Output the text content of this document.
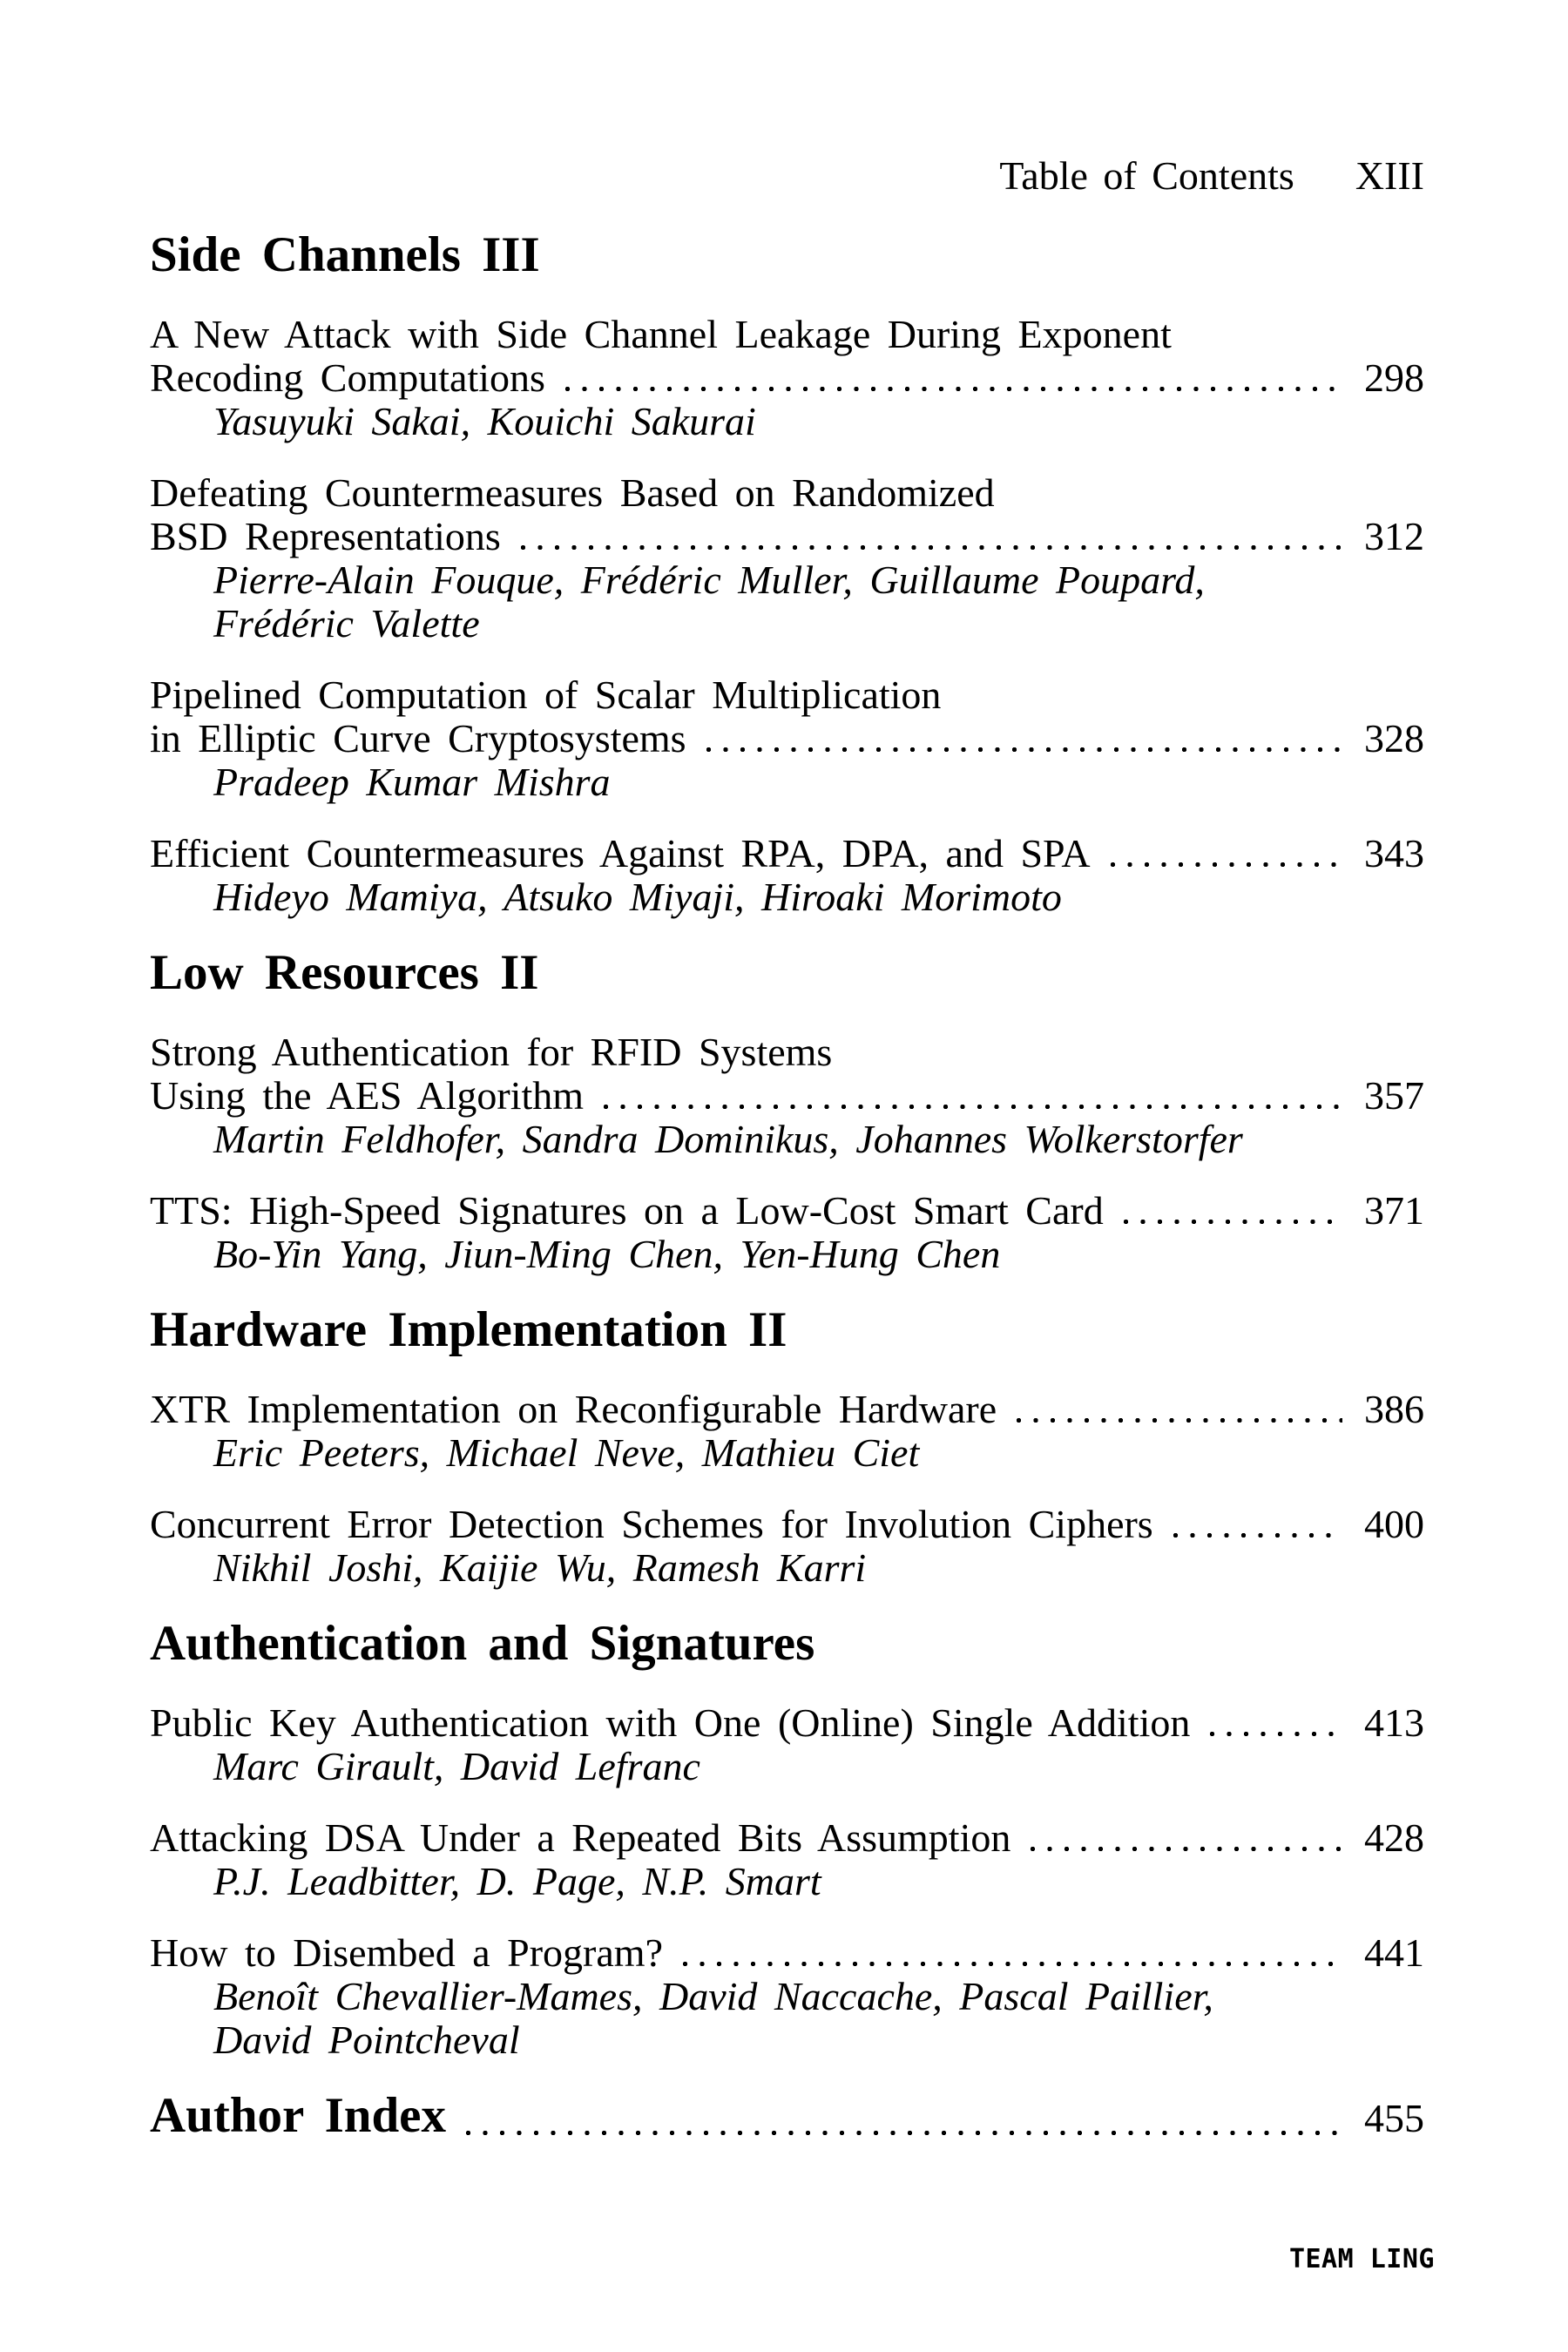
Table of Contents XIII
Side Channels III
A New Attack with Side Channel Leakage During Exponent
Recoding Computations	298
Yasuyuki Sakai, Kouichi Sakurai
Defeating Countermeasures Based on Randomized
BSD Representations	312
Pierre-Alain Fouque, Frédéric Muller, Guillaume Poupard,
Frédéric Valette
Pipelined Computation of Scalar Multiplication
in Elliptic Curve Cryptosystems	328
Pradeep Kumar Mishra
Efficient Countermeasures Against RPA, DPA, and SPA	343
Hideyo Mamiya, Atsuko Miyaji, Hiroaki Morimoto
Low Resources II
Strong Authentication for RFID Systems
Using the AES Algorithm	357
Martin Feldhofer, Sandra Dominikus, Johannes Wolkerstorfer
TTS: High-Speed Signatures on a Low-Cost Smart Card	371
Bo-Yin Yang, Jiun-Ming Chen, Yen-Hung Chen
Hardware Implementation II
XTR Implementation on Reconfigurable Hardware	386
Eric Peeters, Michael Neve, Mathieu Ciet
Concurrent Error Detection Schemes for Involution Ciphers	400
Nikhil Joshi, Kaijie Wu, Ramesh Karri
Authentication and Signatures
Public Key Authentication with One (Online) Single Addition	413
Marc Girault, David Lefranc
Attacking DSA Under a Repeated Bits Assumption	428
P.J. Leadbitter, D. Page, N.P. Smart
How to Disembed a Program?	441
Benoît Chevallier-Mames, David Naccache, Pascal Paillier,
David Pointcheval
Author Index	455
TEAM LING
